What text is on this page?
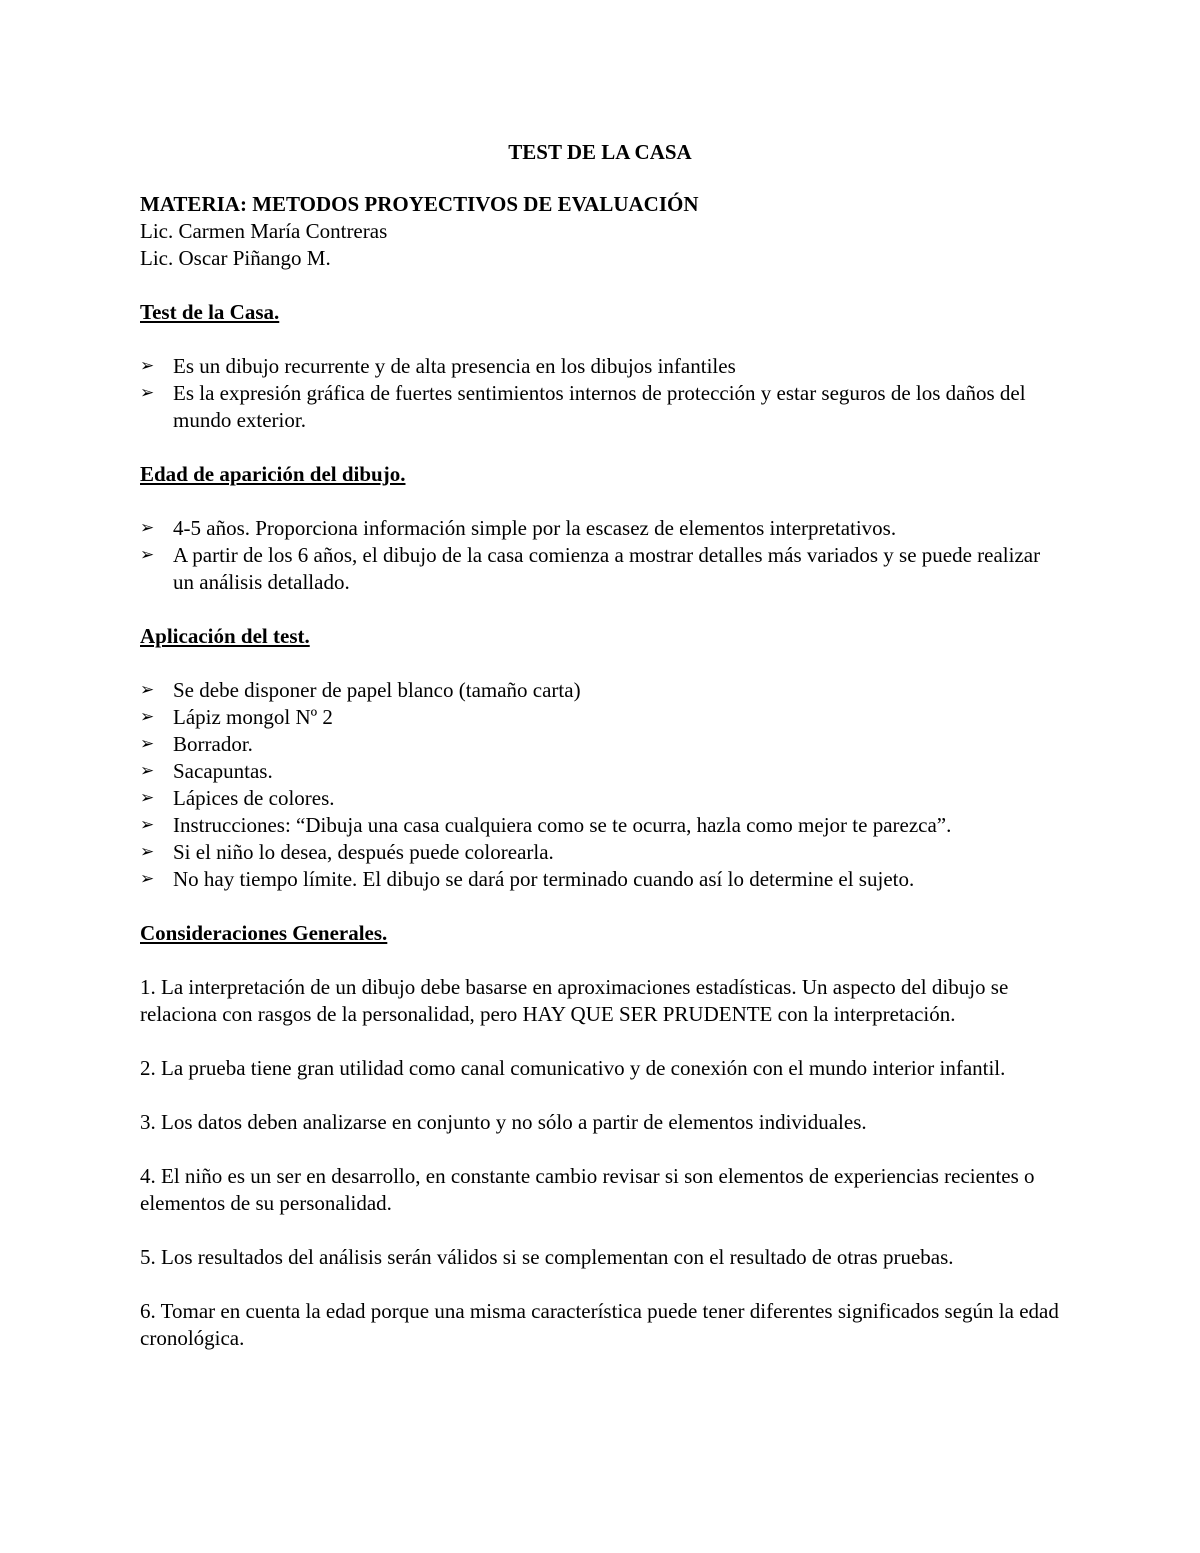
TEST DE LA CASA

MATERIA: METODOS PROYECTIVOS DE EVALUACIÓN

Lic. Carmen María Contreras

Lic. Oscar Piñango M.

Test de la Casa.

➢ Es un dibujo recurrente y de alta presencia en los dibujos infantiles
➢ Es la expresión gráfica de fuertes sentimientos internos de protección y estar seguros de los daños del mundo exterior.

Edad de aparición del dibujo.

➢ 4-5 años. Proporciona información simple por la escasez de elementos interpretativos.
➢ A partir de los 6 años, el dibujo de la casa comienza a mostrar detalles más variados y se puede realizar un análisis detallado.

Aplicación del test.

➢ Se debe disponer de papel blanco (tamaño carta)
➢ Lápiz mongol Nº 2
➢ Borrador.
➢ Sacapuntas.
➢ Lápices de colores.
➢ Instrucciones: “Dibuja una casa cualquiera como se te ocurra, hazla como mejor te parezca”.
➢ Si el niño lo desea, después puede colorearla.
➢ No hay tiempo límite. El dibujo se dará por terminado cuando así lo determine el sujeto.

Consideraciones Generales.

1. La interpretación de un dibujo debe basarse en aproximaciones estadísticas. Un aspecto del dibujo se relaciona con rasgos de la personalidad, pero HAY QUE SER PRUDENTE con la interpretación.

2. La prueba tiene gran utilidad como canal comunicativo y de conexión con el mundo interior infantil.

3. Los datos deben analizarse en conjunto y no sólo a partir de elementos individuales.

4. El niño es un ser en desarrollo, en constante cambio revisar si son elementos de experiencias recientes o elementos de su personalidad.

5. Los resultados del análisis serán válidos si se complementan con el resultado de otras pruebas.

6. Tomar en cuenta la edad porque una misma característica puede tener diferentes significados según la edad cronológica.
